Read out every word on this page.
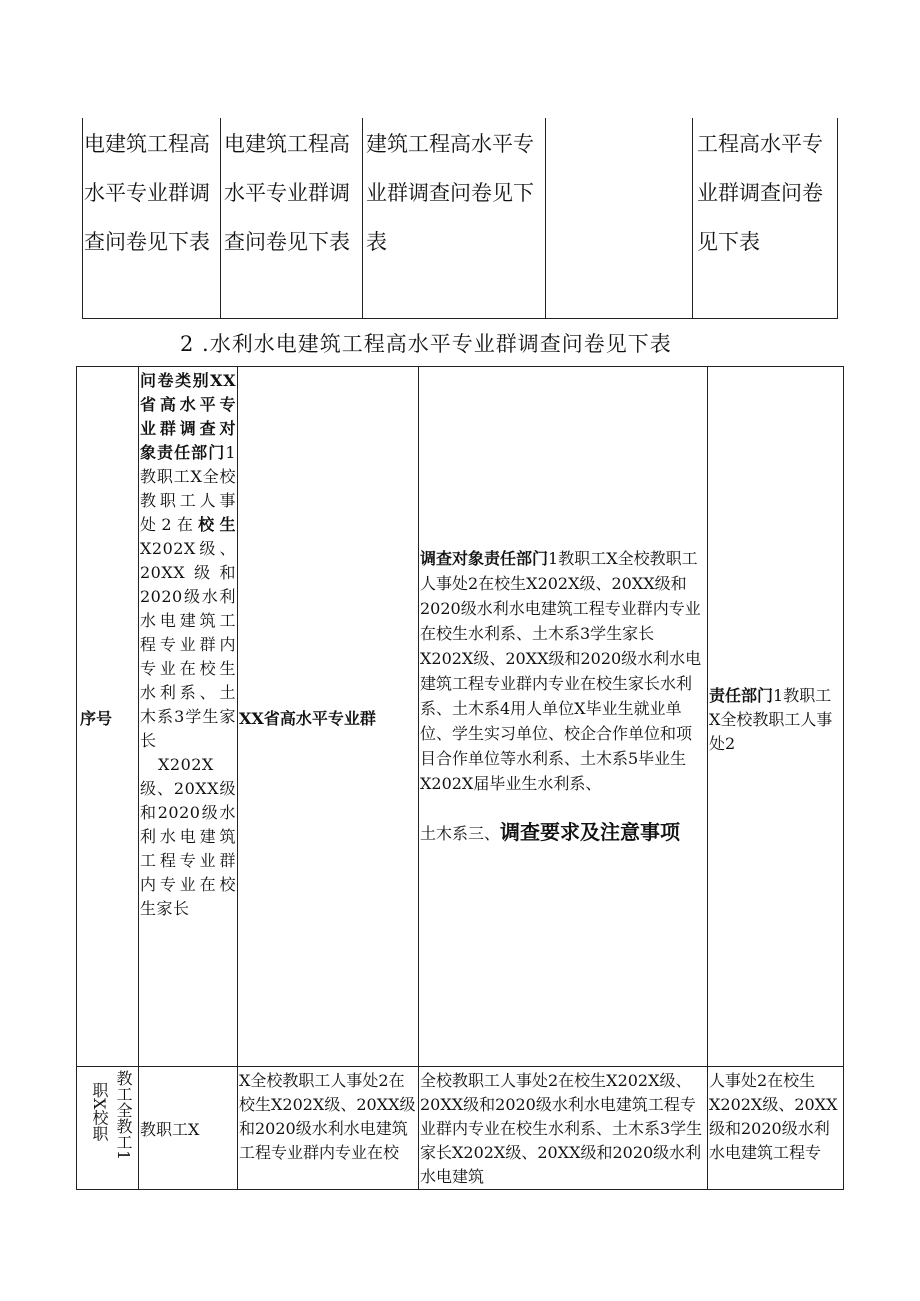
电建筑工程高水平专业群调查问卷见下表
电建筑工程高水平专业群调查问卷见下表
建筑工程高水平专业群调查问卷见下表
工程高水平专业群调查问卷见下表
2 .水利水电建筑工程高水平专业群调查问卷见下表
序号
问卷类别XX省高水平专业群调查对象责任部门1教职工X全校教职工人事处2在校生X202X级、20XX级和2020级水利水电建筑工程专业群内专业在校生水利系、土木系3学生家长
X202X级、20XX级和2020级水利水电建筑工程专业群内专业在校生家长
XX省高水平专业群
调查对象责任部门1教职工X全校教职工人事处2在校生X202X级、20XX级和2020级水利水电建筑工程专业群内专业在校生水利系、土木系3学生家长X202X级、20XX级和2020级水利水电建筑工程专业群内专业在校生家长水利系、土木系4用人单位X毕业生就业单位、学生实习单位、校企合作单位和项目合作单位等水利系、土木系5毕业生X202X届毕业生水利系、
土木系三、调查要求及注意事项
责任部门1教职工X全校教职工人事处2
教工全教工1
职X校职 教职工X
X全校教职工人事处2在校生X202X级、20XX级和2020级水利水电建筑工程专业群内专业在校
全校教职工人事处2在校生X202X级、20XX级和2020级水利水电建筑工程专业群内专业在校生水利系、土木系3学生家长X202X级、20XX级和2020级水利水电建筑
人事处2在校生X202X级、20XX级和2020级水利水电建筑工程专
